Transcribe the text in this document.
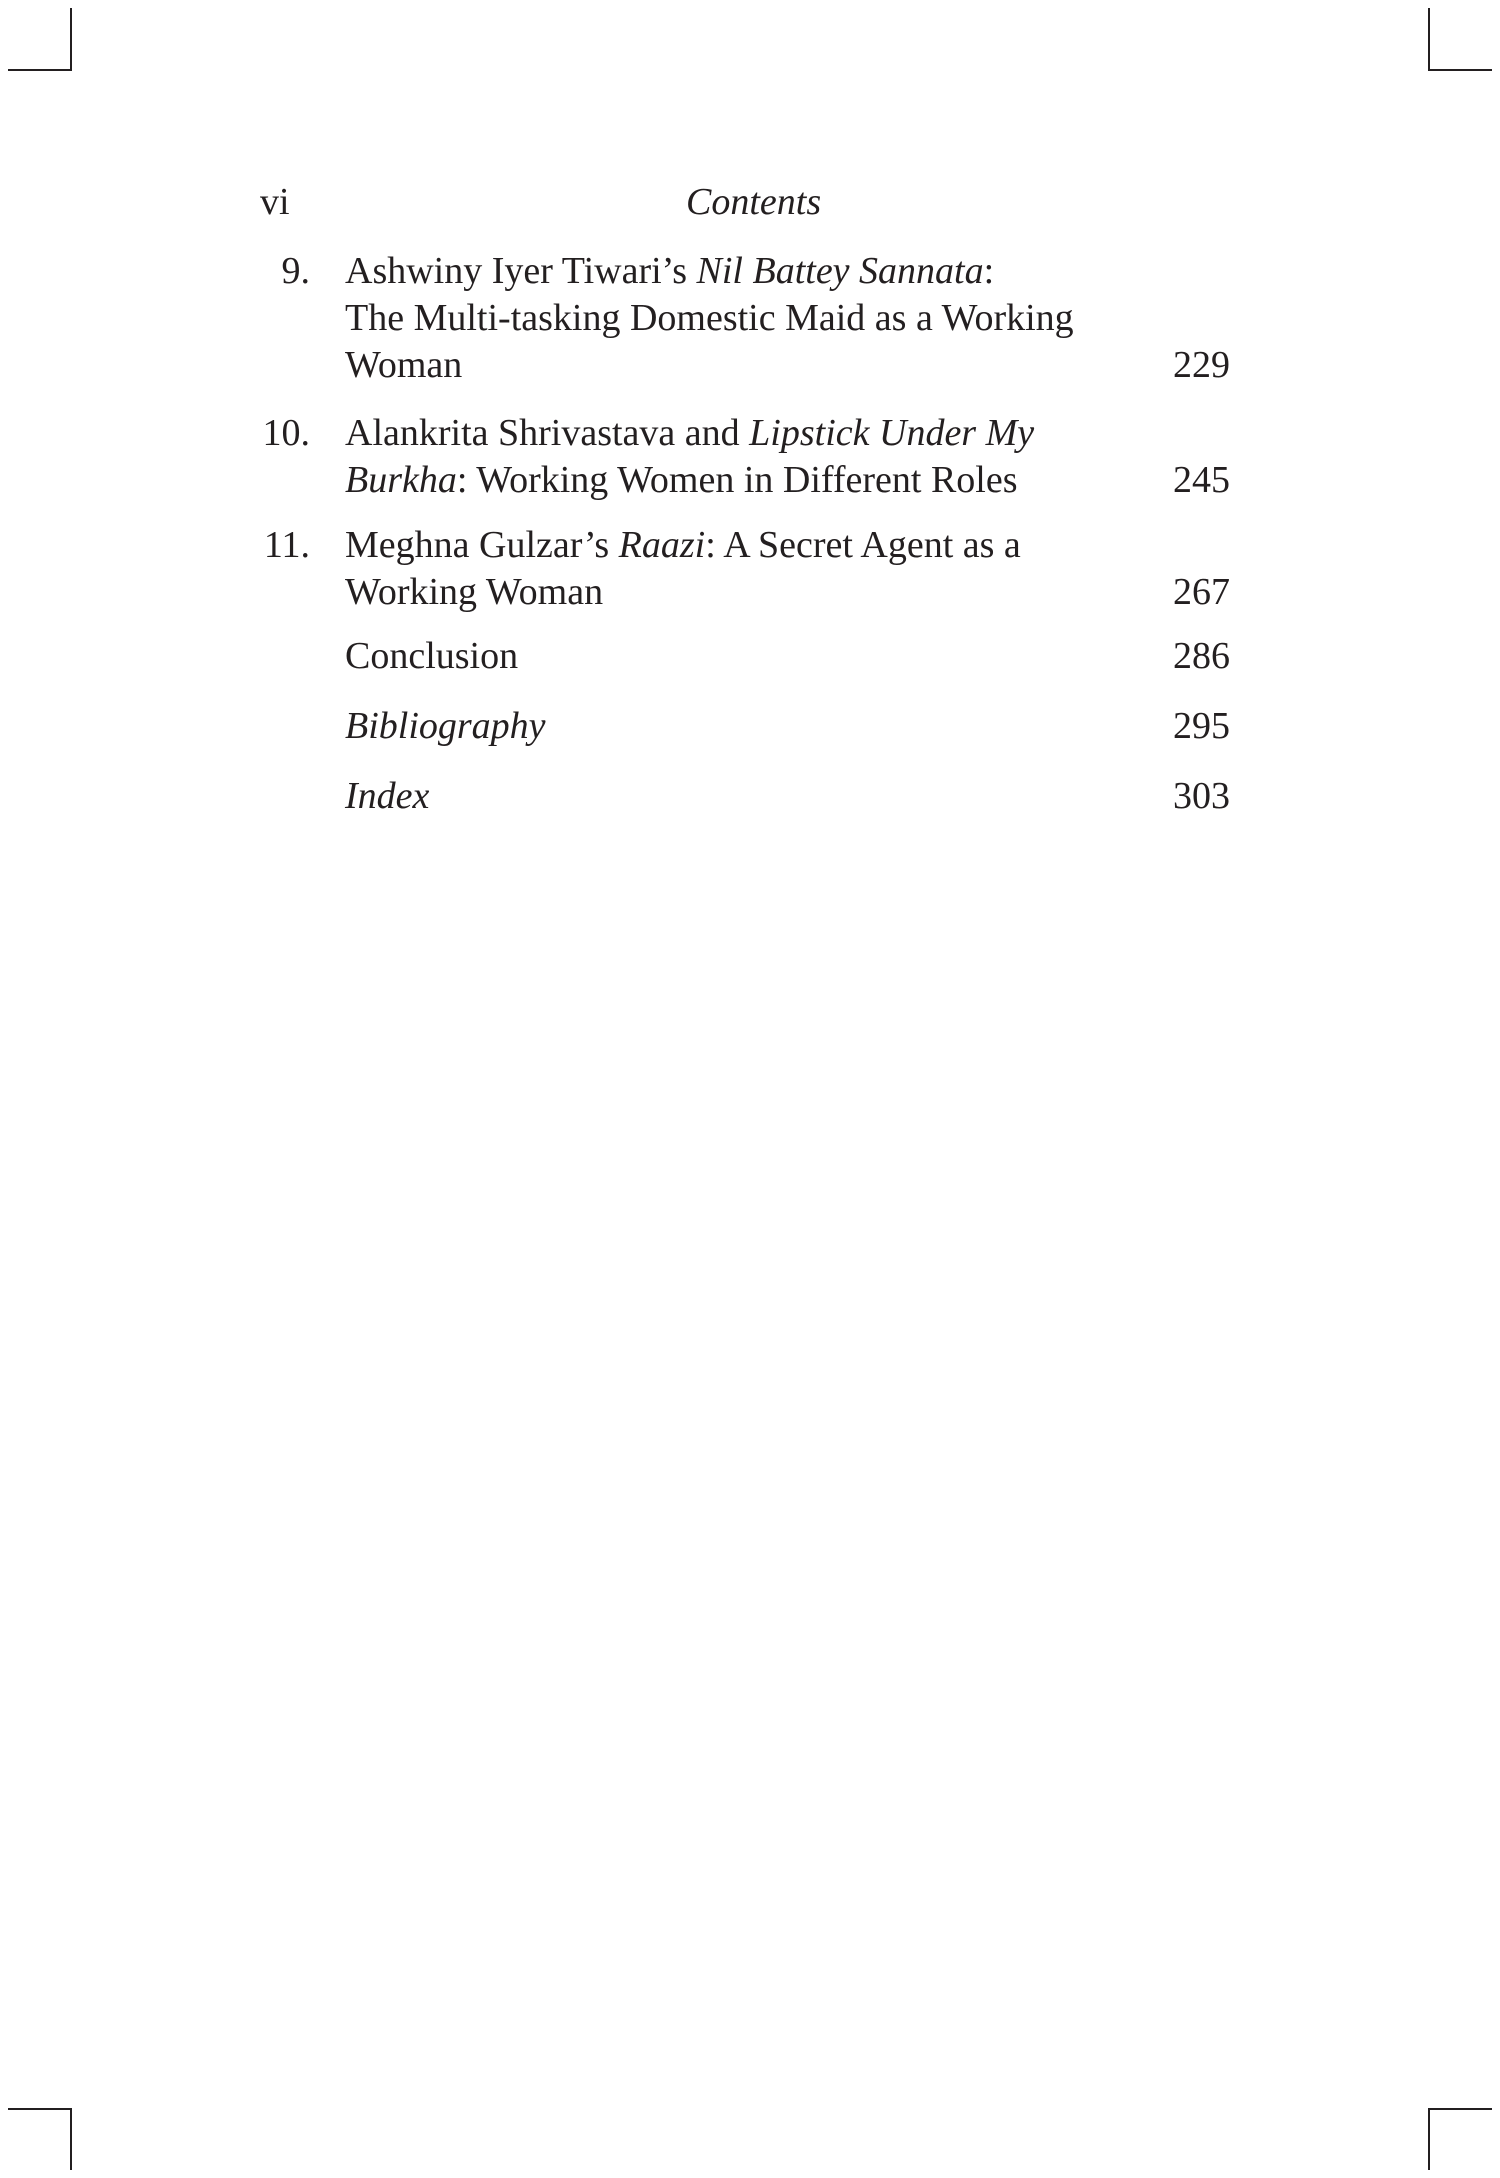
vi	Contents
9. Ashwiny Iyer Tiwari’s Nil Battey Sannata:
The Multi-tasking Domestic Maid as a Working
Woman	229
10. Alankrita Shrivastava and Lipstick Under My
Burkha: Working Women in Different Roles	245
11. Meghna Gulzar’s Raazi: A Secret Agent as a
Working Woman	267
Conclusion	286
Bibliography	295
Index	303
